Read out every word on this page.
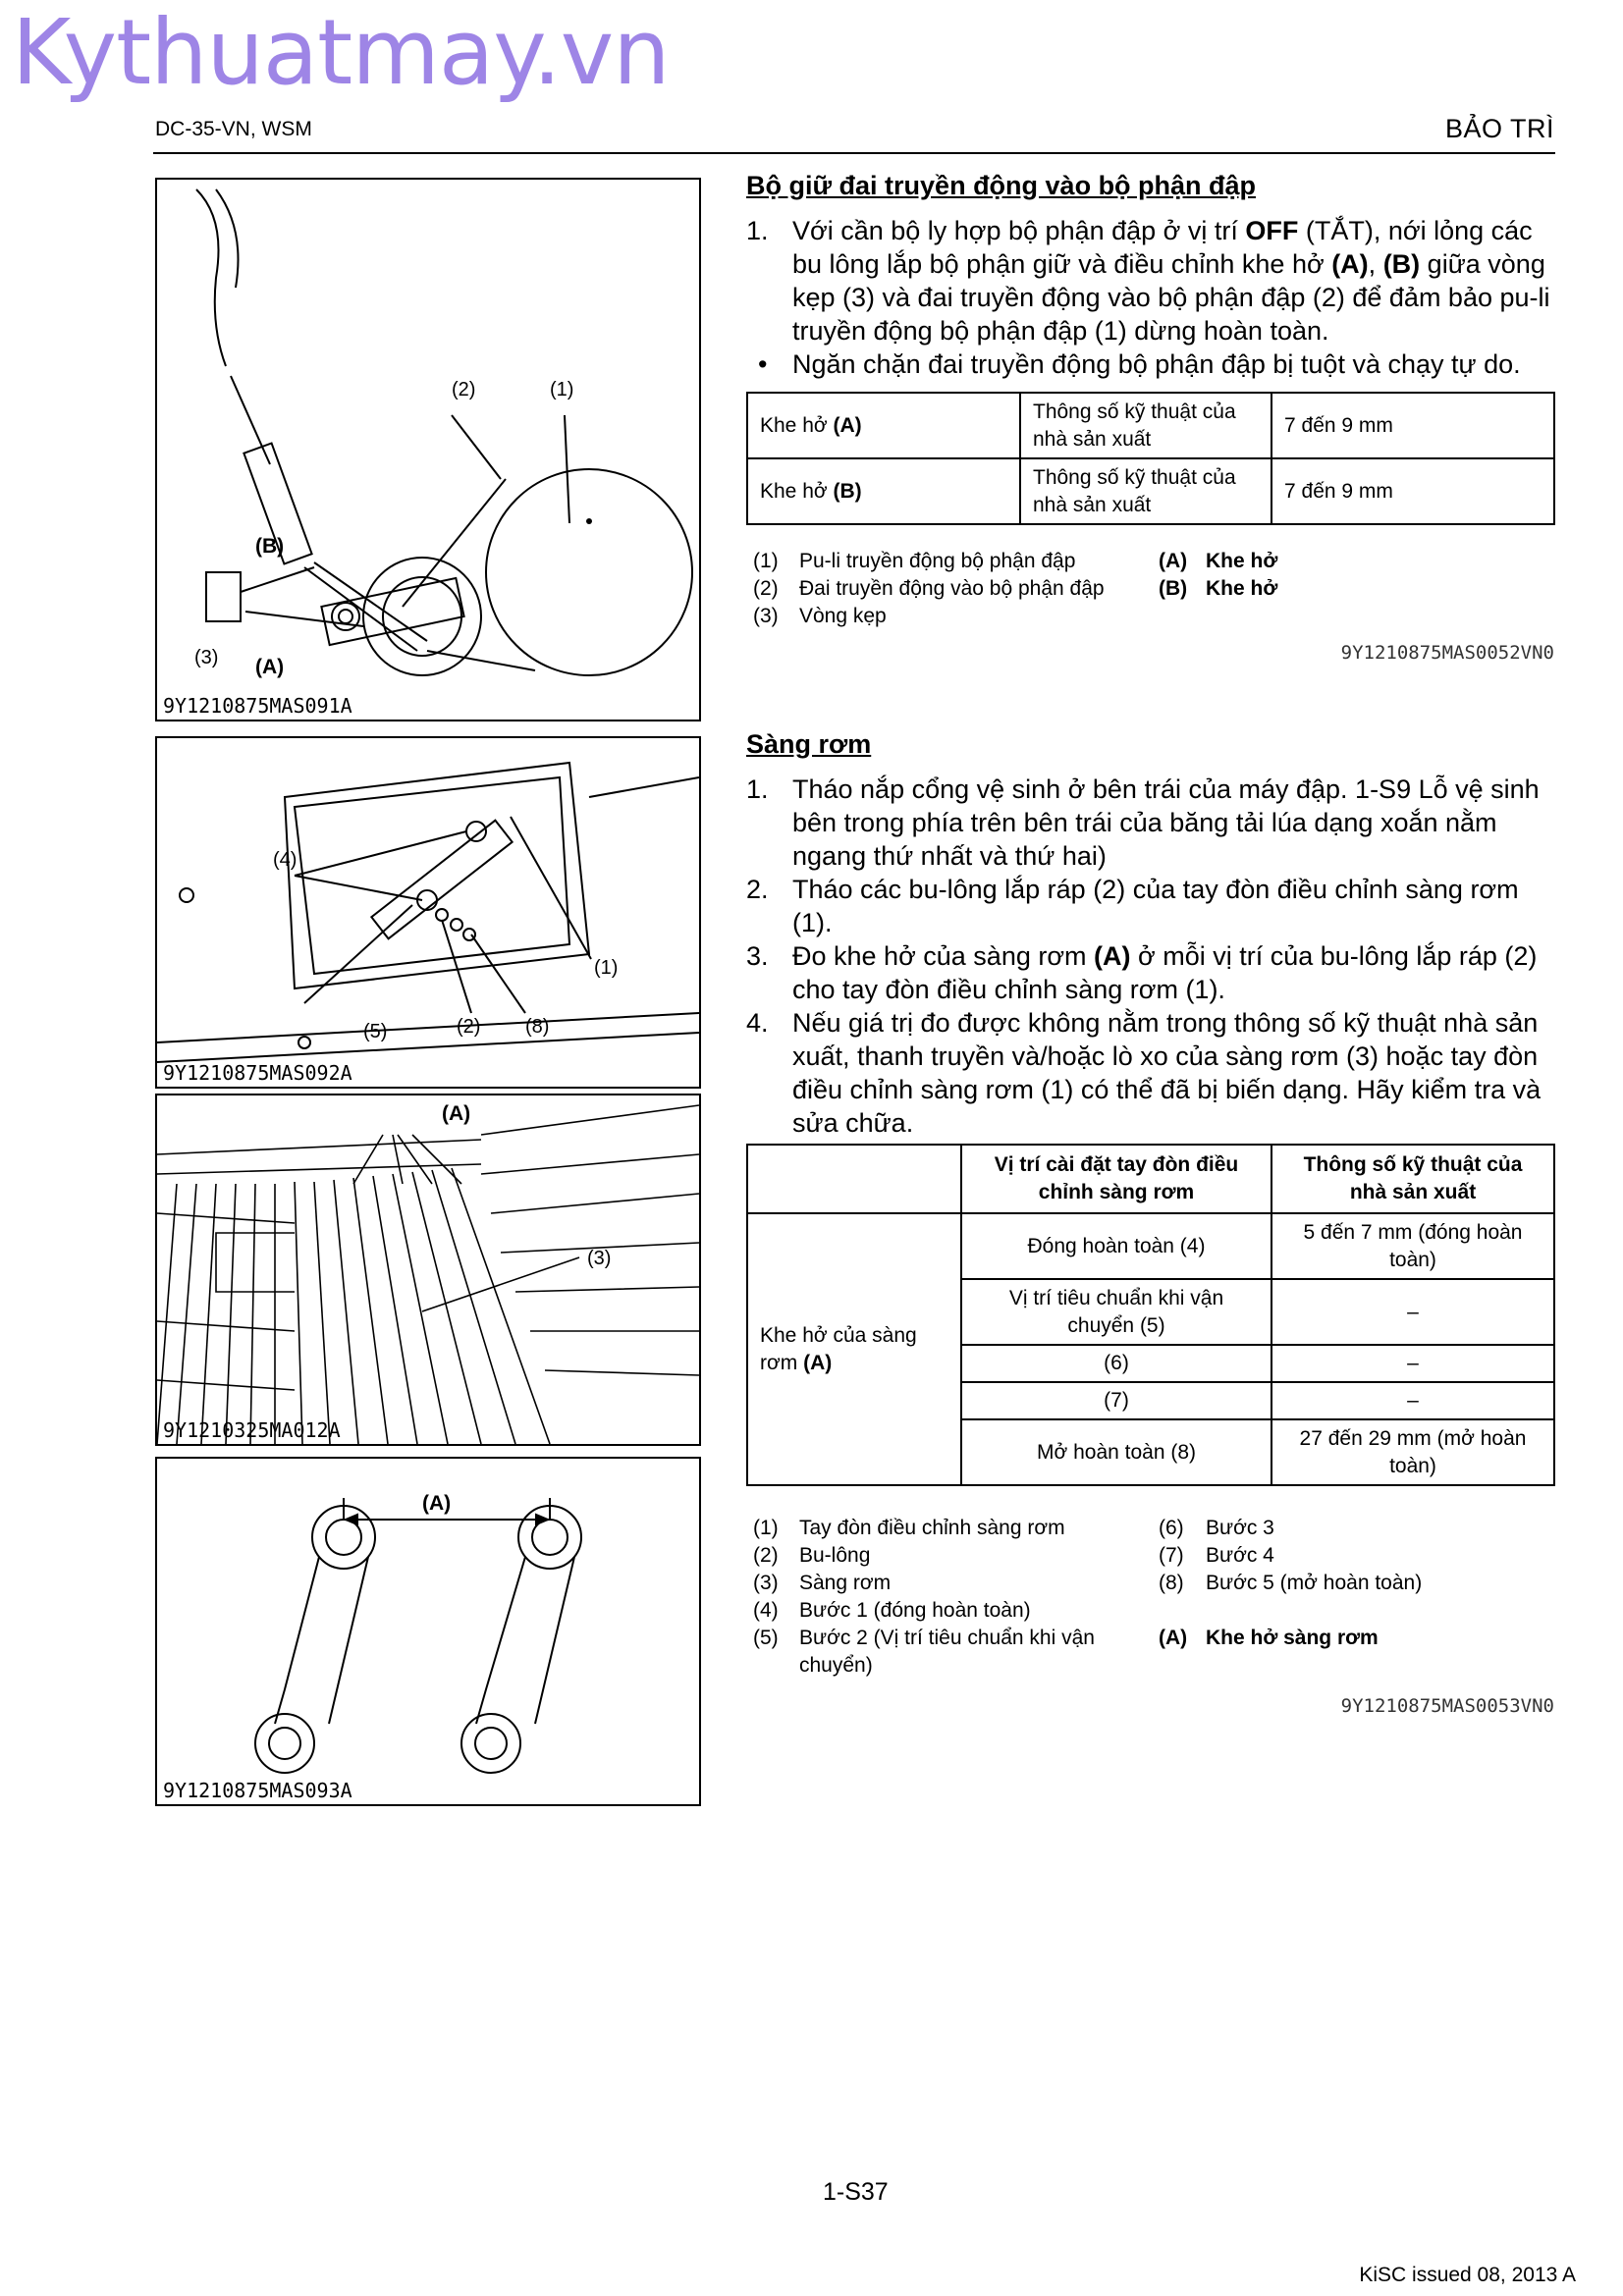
Kythuatmay.vn
DC-35-VN, WSM	BẢO TRÌ
(2)	(1)
(B)
(3) (A)
9Y1210875MAS091A
(4)
(1)
(5)	(2) (8)
9Y1210875MAS092A
(A)
(3)
9Y1210325MA012A
(A)
9Y1210875MAS093A
Bộ giữ đai truyền động vào bộ phận đập
1. Với cần bộ ly hợp bộ phận đập ở vị trí OFF (TẮT), nới lỏng các bu lông lắp bộ phận giữ và điều chỉnh khe hở (A), (B) giữa vòng kẹp (3) và đai truyền động vào bộ phận đập (2) để đảm bảo pu-li truyền động bộ phận đập (1) dừng hoàn toàn.
• Ngăn chặn đai truyền động bộ phận đập bị tuột và chạy tự do.
Khe hở (A)	Thông số kỹ thuật của nhà sản xuất	7 đến 9 mm
Khe hở (B)	Thông số kỹ thuật của nhà sản xuất	7 đến 9 mm
(1) Pu-li truyền động bộ phận đập
(2) Đai truyền động vào bộ phận đập
(3) Vòng kẹp
(A) Khe hở
(B) Khe hở
9Y1210875MAS0052VN0
Sàng rơm
1. Tháo nắp cổng vệ sinh ở bên trái của máy đập. 1-S9 Lỗ vệ sinh bên trong phía trên bên trái của băng tải lúa dạng xoắn nằm ngang thứ nhất và thứ hai)
2. Tháo các bu-lông lắp ráp (2) của tay đòn điều chỉnh sàng rơm (1).
3. Đo khe hở của sàng rơm (A) ở mỗi vị trí của bu-lông lắp ráp (2) cho tay đòn điều chỉnh sàng rơm (1).
4. Nếu giá trị đo được không nằm trong thông số kỹ thuật nhà sản xuất, thanh truyền và/hoặc lò xo của sàng rơm (3) hoặc tay đòn điều chỉnh sàng rơm (1) có thể đã bị biến dạng. Hãy kiểm tra và sửa chữa.
	Vị trí cài đặt tay đòn điều chỉnh sàng rơm	Thông số kỹ thuật của nhà sản xuất
Khe hở của sàng rơm (A)	Đóng hoàn toàn (4)	5 đến 7 mm (đóng hoàn toàn)
	Vị trí tiêu chuẩn khi vận chuyển (5)	–
	(6)	–
	(7)	–
	Mở hoàn toàn (8)	27 đến 29 mm (mở hoàn toàn)
(1) Tay đòn điều chỉnh sàng rơm
(2) Bu-lông
(3) Sàng rơm
(4) Bước 1 (đóng hoàn toàn)
(5) Bước 2 (Vị trí tiêu chuẩn khi vận chuyển)
(6) Bước 3
(7) Bước 4
(8) Bước 5 (mở hoàn toàn)
(A) Khe hở sàng rơm
9Y1210875MAS0053VN0
1-S37
KiSC issued 08, 2013 A
